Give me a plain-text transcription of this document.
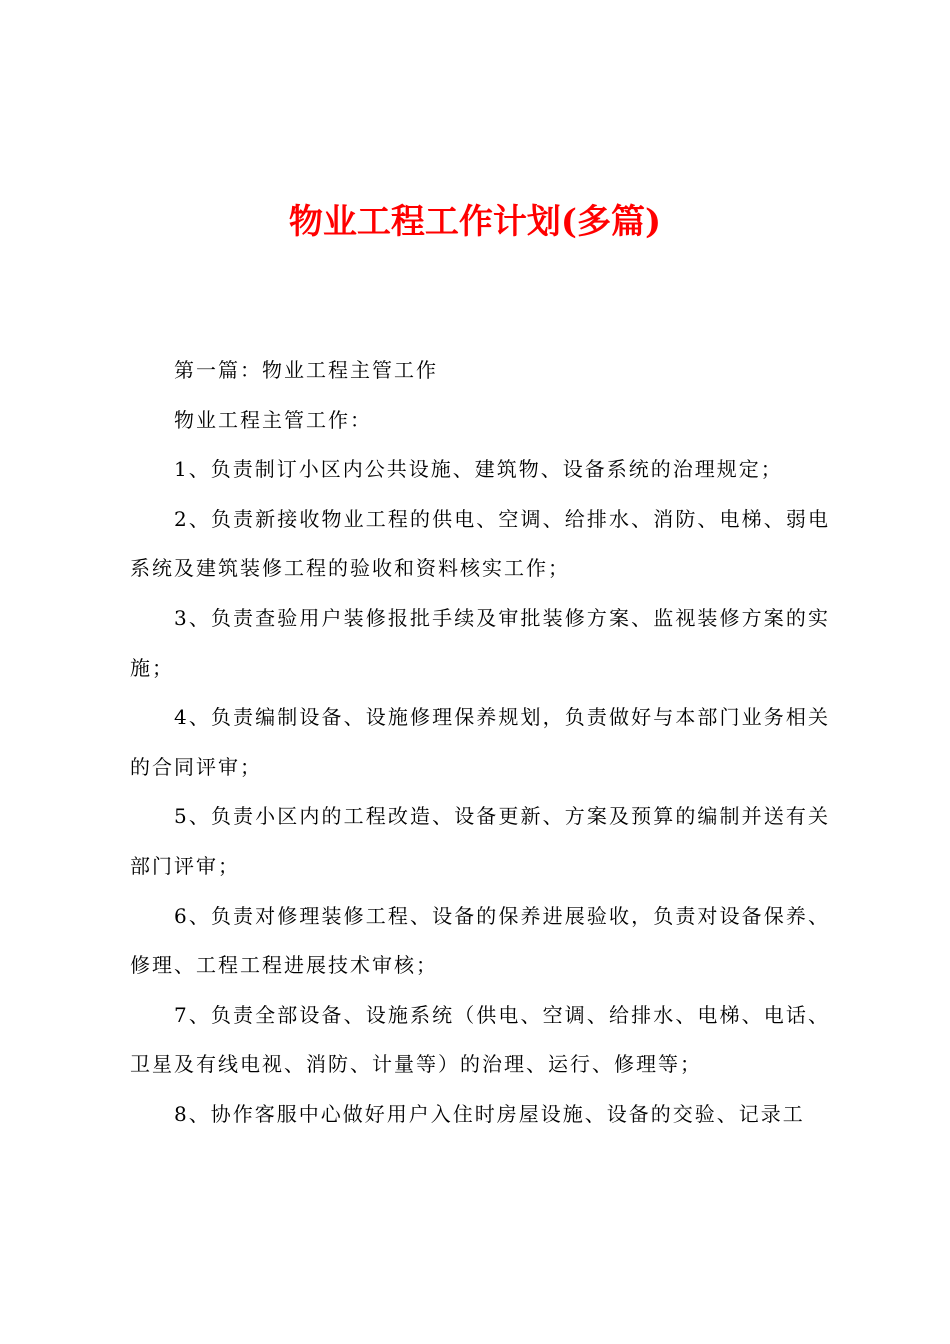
物业工程工作计划(多篇)

第一篇：物业工程主管工作

物业工程主管工作：

1、负责制订小区内公共设施、建筑物、设备系统的治理规定；

2、负责新接收物业工程的供电、空调、给排水、消防、电梯、弱电系统及建筑装修工程的验收和资料核实工作；

3、负责查验用户装修报批手续及审批装修方案、监视装修方案的实施；

4、负责编制设备、设施修理保养规划，负责做好与本部门业务相关的合同评审；

5、负责小区内的工程改造、设备更新、方案及预算的编制并送有关部门评审；

6、负责对修理装修工程、设备的保养进展验收，负责对设备保养、修理、工程工程进展技术审核；

7、负责全部设备、设施系统（供电、空调、给排水、电梯、电话、卫星及有线电视、消防、计量等）的治理、运行、修理等；

8、协作客服中心做好用户入住时房屋设施、设备的交验、记录工
